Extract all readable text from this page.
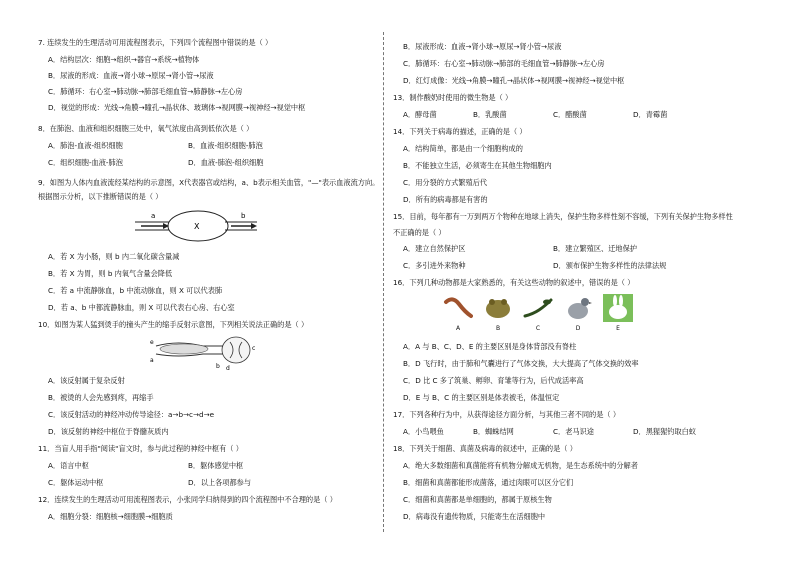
7. 连续发生的生理活动可用流程图表示，下列四个流程图中错误的是（ ）
A．结构层次：细胞→组织→器官→系统→植物体
B．尿液的形成：血液→肾小球→原尿→肾小管→尿液
C．肺循环：右心室→肺动脉→肺部毛细血管→肺静脉→左心房
D．视觉的形成：光线→角膜→瞳孔→晶状体、玻璃体→视网膜→视神经→视觉中枢
8．在肺泡、血液和组织细胞三处中，氧气浓度由高到低依次是（ ）
A．肺泡-血液-组织细胞	B．血液-组织细胞-肺泡
C．组织细胞-血液-肺泡	D．血液-肺泡-组织细胞
9．如图为人体内血液流经某结构的示意图，X代表器官或结构，a、b表示相关血管，"—"表示血液流方向。
根据图示分析，以下推断错误的是（ ）
a	b
X
A．若 X 为小肠，则 b 内二氧化碳含量减
B．若 X 为胃，则 b 内氧气含量会降低
C．若 a 中流静脉血，b 中流动脉血，则 X 可以代表肺
D．若 a、b 中都流静脉血，则 X 可以代表右心房、右心室
10．如图为某人猛到烫手的撞头产生的缩手反射示意图，下列相关说法正确的是（ ）
e
a
b
c
d
A．该反射属于复杂反射
B．被烫的人会先感到疼，再缩手
C．该反射活动的神经冲动传导途径：a→b→c→d→e
D．该反射的神经中枢位于脊髓灰质内
11．当盲人用手指"阅读"盲文时，参与此过程的神经中枢有（ ）
A．语言中枢	B．躯体感觉中枢
C．躯体运动中枢	D．以上各项都参与
12．连续发生的生理活动可用流程图表示，小张同学归纳得到的四个流程图中不合理的是（ ）
A．细胞分裂：细胞核→细胞膜→细胞质
B．尿液形成：血液→肾小球→原尿→肾小管→尿液
C．肺循环：右心室→肺动脉→肺部的毛细血管→肺静脉→左心房
D．红灯成像：光线→角膜→瞳孔→晶状体→视网膜→视神经→视觉中枢
13．制作酸奶时使用的微生物是（ ）
A．酵母菌	B．乳酸菌	C．醋酸菌	D．青霉菌
14．下列关于病毒的描述，正确的是（ ）
A．结构简单，都是由一个细胞构成的
B．不能独立生活，必须寄生在其他生物细胞内
C．用分裂的方式繁殖后代
D．所有的病毒都是有害的
15．目前，每年都有一万到两万个物种在地球上消失，保护生物多样性刻不容缓，下列有关保护生物多样性
不正确的是（ ）
A．建立自然保护区	B．建立繁殖区、迁地保护
C．多引进外来物种	D．颁布保护生物多样性的法律法规
16．下列几种动物都是大家熟悉的，有关这些动物的叙述中，错误的是（ ）
A	B	C	D	E
A．A 与 B、C、D、E 的主要区别是身体背部没有脊柱
B．D 飞行时，由于肺和气囊进行了气体交换，大大提高了气体交换的效率
C．D 比 C 多了筑巢、孵卵、育雏等行为，后代成活率高
D．E 与 B、C 的主要区别是体表被毛，体温恒定
17．下列各种行为中，从获得途径方面分析，与其他三者不同的是（ ）
A．小鸟喂鱼	B．蜘蛛结网	C．老马识途	D．黑猩猩钓取白蚁
18．下列关于细菌、真菌及病毒的叙述中，正确的是（ ）
A．绝大多数细菌和真菌能将有机物分解成无机物，是生态系统中的分解者
B．细菌和真菌都能形成菌落，通过肉眼可以区分它们
C．细菌和真菌都是单细胞的，都属于原核生物
D．病毒没有遗传物质，只能寄生在活细胞中
